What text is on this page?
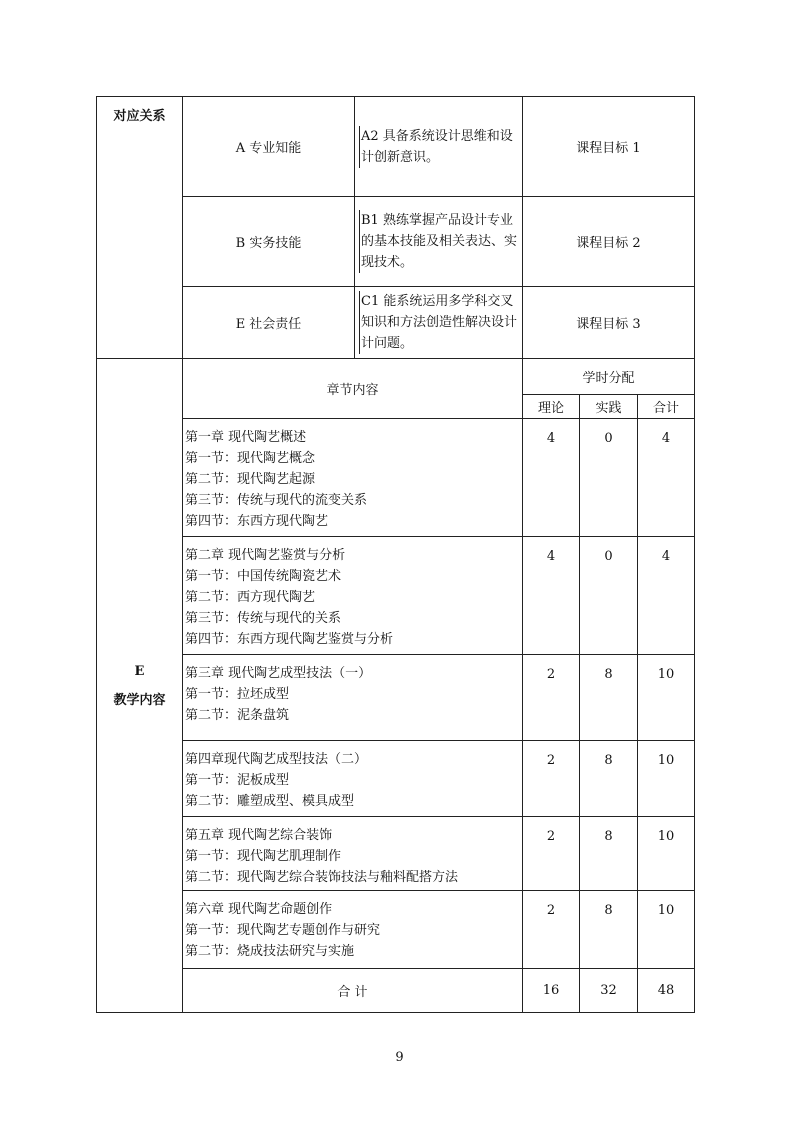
对应关系	A 专业知能	A2 具备系统设计思维和设
计创新意识。	课程目标 1		
	B 实务技能	B1 熟练掌握产品设计专业
的基本技能及相关表达、实
现技术。	课程目标 2		
	E 社会责任	C1 能系统运用多学科交叉
知识和方法创造性解决设计
计问题。	课程目标 3		

E
教学内容	章节内容		学时分配		
			理论	实践	合计

	第一章 现代陶艺概述
第一节：现代陶艺概念
第二节：现代陶艺起源
第三节：传统与现代的流变关系
第四节：东西方现代陶艺		4	0	4

	第二章 现代陶艺鉴赏与分析
第一节：中国传统陶瓷艺术
第二节：西方现代陶艺
第三节：传统与现代的关系
第四节：东西方现代陶艺鉴赏与分析		4	0	4

	第三章 现代陶艺成型技法（一）
第一节：拉坯成型
第二节：泥条盘筑		2	8	10

	第四章现代陶艺成型技法（二）
第一节：泥板成型
第二节：雕塑成型、模具成型		2	8	10

	第五章 现代陶艺综合装饰
第一节：现代陶艺肌理制作
第二节：现代陶艺综合装饰技法与釉料配搭方法		2	8	10

	第六章 现代陶艺命题创作
第一节：现代陶艺专题创作与研究
第二节：烧成技法研究与实施		2	8	10
	合 计		16	32	48
9
